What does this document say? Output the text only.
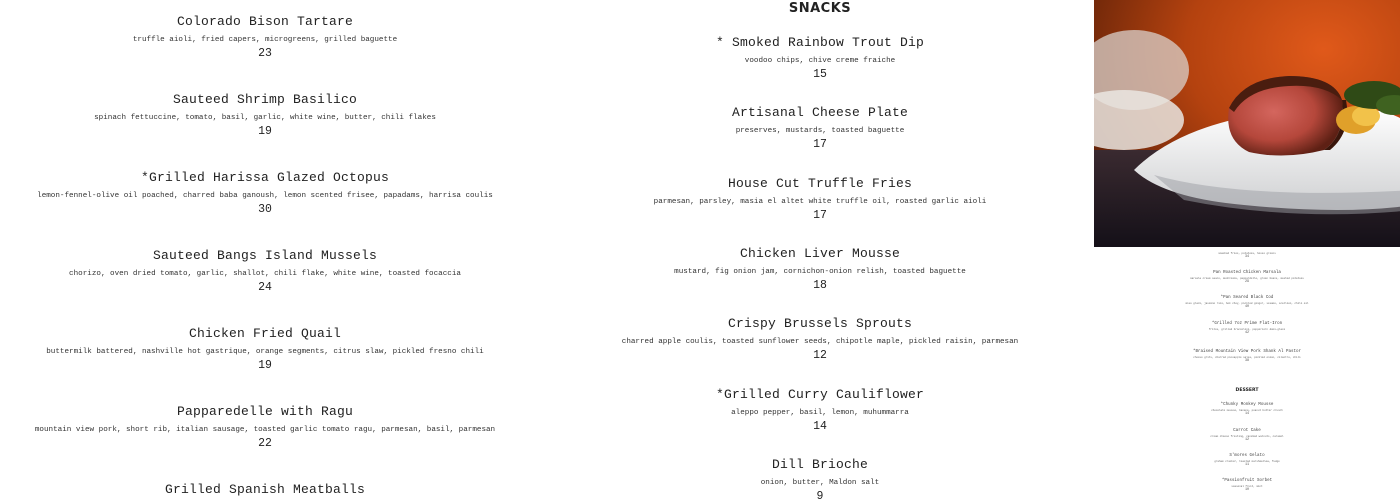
Colorado Bison Tartare
truffle aioli, fried capers, microgreens, grilled baguette
23
Sauteed Shrimp Basilico
spinach fettuccine, tomato, basil, garlic, white wine, butter, chili flakes
19
*Grilled Harissa Glazed Octopus
lemon-fennel-olive oil poached, charred baba ganoush, lemon scented frisee, papadams, harrisa coulis
30
Sauteed Bangs Island Mussels
chorizo, oven dried tomato, garlic, shallot, chili flake, white wine, toasted focaccia
24
Chicken Fried Quail
buttermilk battered, nashville hot gastrique, orange segments, citrus slaw, pickled fresno chili
19
Papparedelle with Ragu
mountain view pork, short rib, italian sausage, toasted garlic tomato ragu, parmesan, basil, parmesan
22
Grilled Spanish Meatballs
SNACKS
* Smoked Rainbow Trout Dip
voodoo chips, chive creme fraiche
15
Artisanal Cheese Plate
preserves, mustards, toasted baguette
17
House Cut Truffle Fries
parmesan, parsley, masia el altet white truffle oil, roasted garlic aioli
17
Chicken Liver Mousse
mustard, fig onion jam, cornichon-onion relish, toasted baguette
18
Crispy Brussels Sprouts
charred apple coulis, toasted sunflower seeds, chipotle maple, pickled raisin, parmesan
12
*Grilled Curry Cauliflower
aleppo pepper, basil, lemon, muhummarra
14
Dill Brioche
onion, butter, Maldon salt
9
DESSERT
smashed fries, potatoes, house greens
34
Pan Roasted Chicken Marsala
marsala cream sauce, mushrooms, pappardelle, green beans, mashed potatoes
29
*Pan Seared Black Cod
miso glaze, jasmine rice, bok choy, pickled ginger, sesame, scallion, chili oil
40
*Grilled 7oz Prime Flat-Iron
frites, grilled broccolini, peppercorn demi-glace
42
*Braised Mountain View Pork Shank Al Pastor
cheese grits, charred pineapple salsa, pickled onion, cilantro, chili
38
*Chunky Monkey Mousse
chocolate mousse, banana, peanut butter crunch
14
Carrot Cake
cream cheese frosting, candied walnuts, caramel
12
S'mores Gelato
graham cracker, toasted marshmallow, fudge
11
*Passionfruit Sorbet
seasonal fruit, mint
10
